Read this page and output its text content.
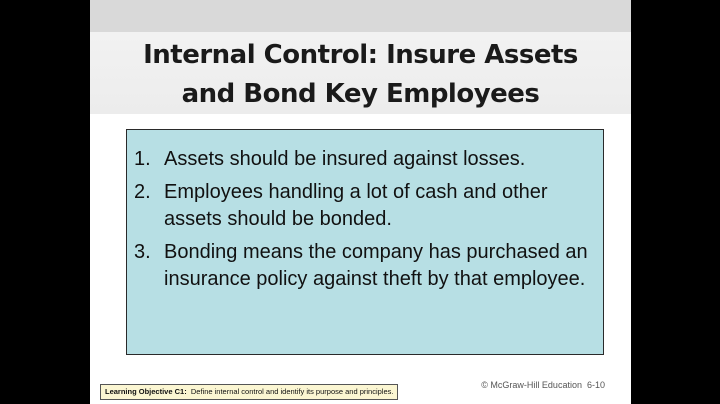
Internal Control: Insure Assets
and Bond Key Employees
1. Assets should be insured against losses.
2. Employees handling a lot of cash and other assets should be bonded.
3. Bonding means the company has purchased an insurance policy against theft by that employee.
Learning Objective C1: Define internal control and identify its purpose and principles.
© McGraw-Hill Education 6-10
